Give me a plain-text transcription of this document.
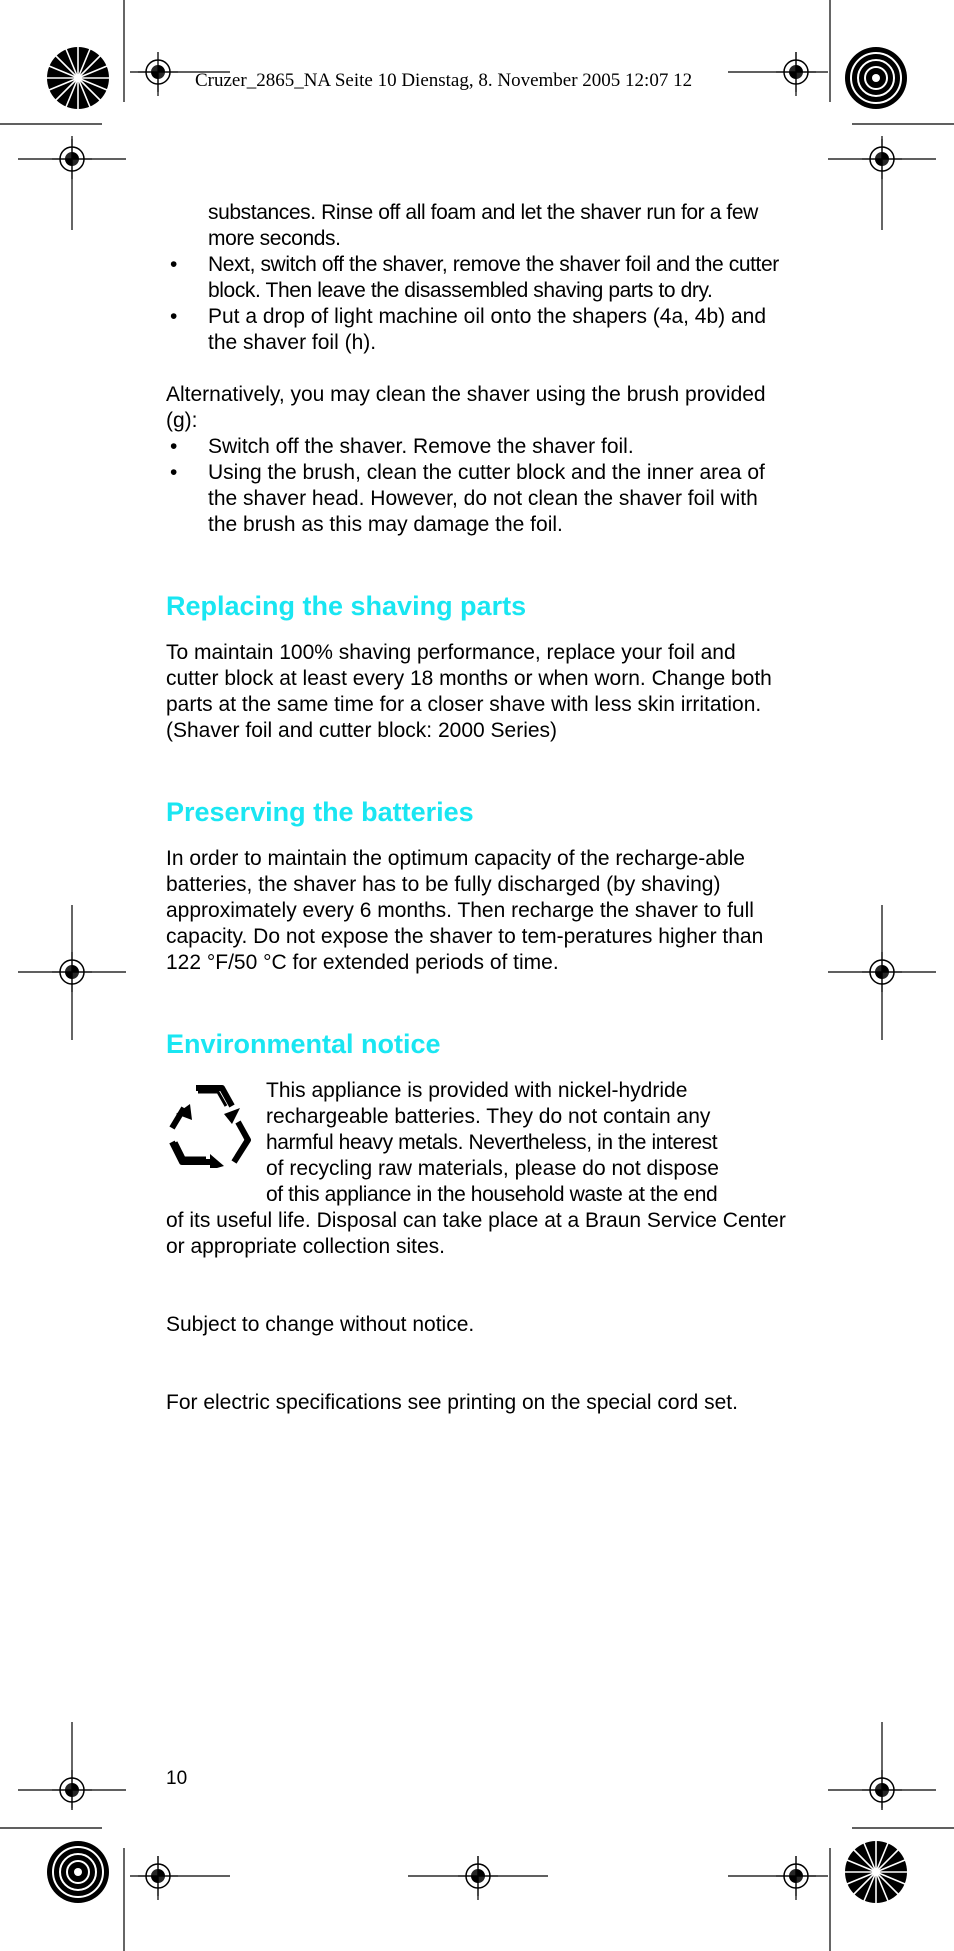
Cruzer_2865_NA Seite 10 Dienstag, 8. November 2005 12:07 12

substances. Rinse off all foam and let the shaver run for a few more seconds.

• Next, switch off the shaver, remove the shaver foil and the cutter block. Then leave the disassembled shaving parts to dry.

• Put a drop of light machine oil onto the shapers (4a, 4b) and the shaver foil (h).

Alternatively, you may clean the shaver using the brush provided (g):

• Switch off the shaver. Remove the shaver foil.

• Using the brush, clean the cutter block and the inner area of the shaver head. However, do not clean the shaver foil with the brush as this may damage the foil.

Replacing the shaving parts

To maintain 100% shaving performance, replace your foil and cutter block at least every 18 months or when worn. Change both parts at the same time for a closer shave with less skin irritation.

(Shaver foil and cutter block: 2000 Series)

Preserving the batteries

In order to maintain the optimum capacity of the recharge-able batteries, the shaver has to be fully discharged (by shaving) approximately every 6 months. Then recharge the shaver to full capacity. Do not expose the shaver to tem-peratures higher than 122 °F/50 °C for extended periods of time.

Environmental notice

This appliance is provided with nickel-hydride

rechargeable batteries. They do not contain any

harmful heavy metals. Nevertheless, in the interest

of recycling raw materials, please do not dispose

of this appliance in the household waste at the end

of its useful life. Disposal can take place at a Braun Service Center or appropriate collection sites.

Subject to change without notice.

For electric specifications see printing on the special cord set.

10
